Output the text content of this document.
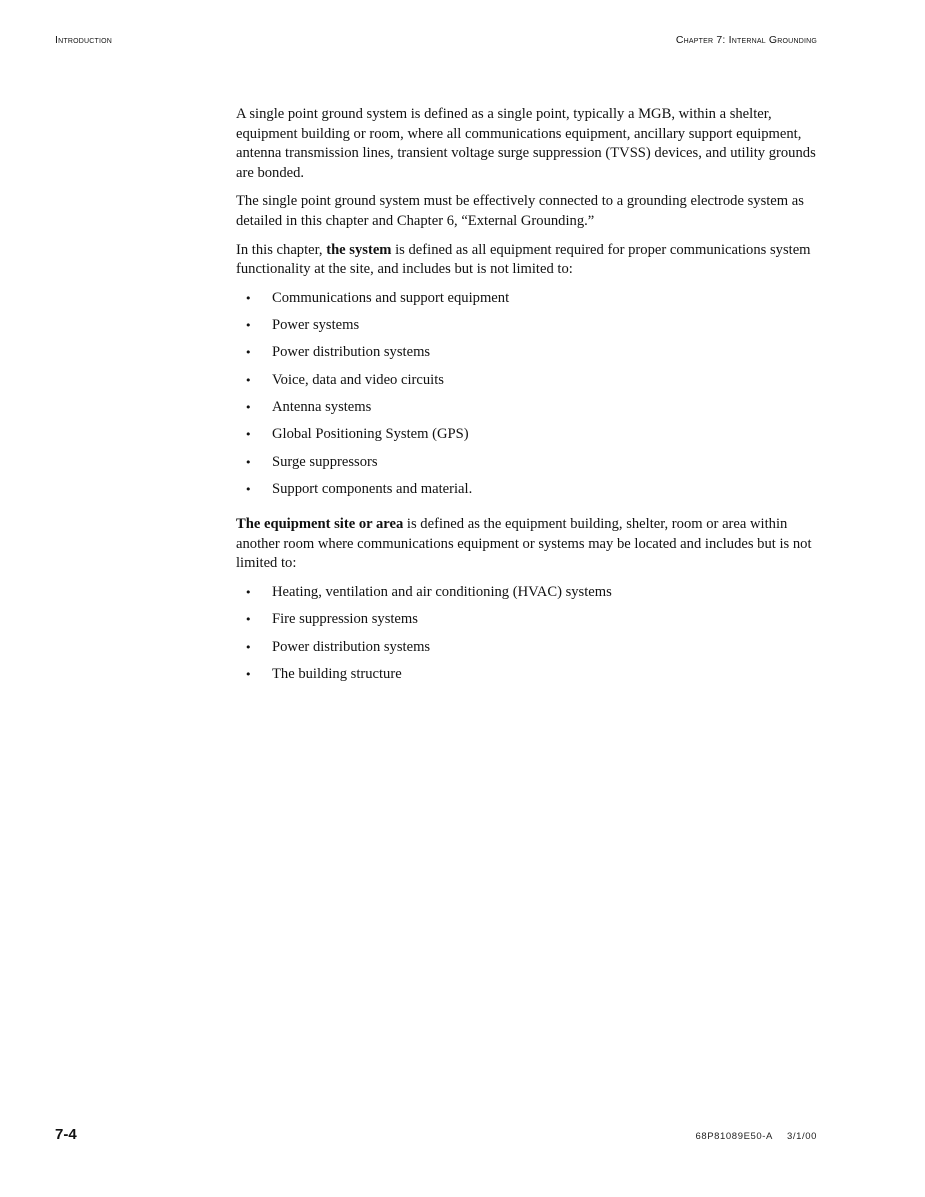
Introduction	Chapter 7: Internal Grounding

A single point ground system is defined as a single point, typically a MGB, within a shelter, equipment building or room, where all communications equipment, ancillary support equipment, antenna transmission lines, transient voltage surge suppression (TVSS) devices, and utility grounds are bonded.

The single point ground system must be effectively connected to a grounding electrode system as detailed in this chapter and Chapter 6, “External Grounding.”

In this chapter, the system is defined as all equipment required for proper communications system functionality at the site, and includes but is not limited to:

• Communications and support equipment
• Power systems
• Power distribution systems
• Voice, data and video circuits
• Antenna systems
• Global Positioning System (GPS)
• Surge suppressors
• Support components and material.

The equipment site or area is defined as the equipment building, shelter, room or area within another room where communications equipment or systems may be located and includes but is not limited to:

• Heating, ventilation and air conditioning (HVAC) systems
• Fire suppression systems
• Power distribution systems
• The building structure
7-4	68P81089E50-A 3/1/00
